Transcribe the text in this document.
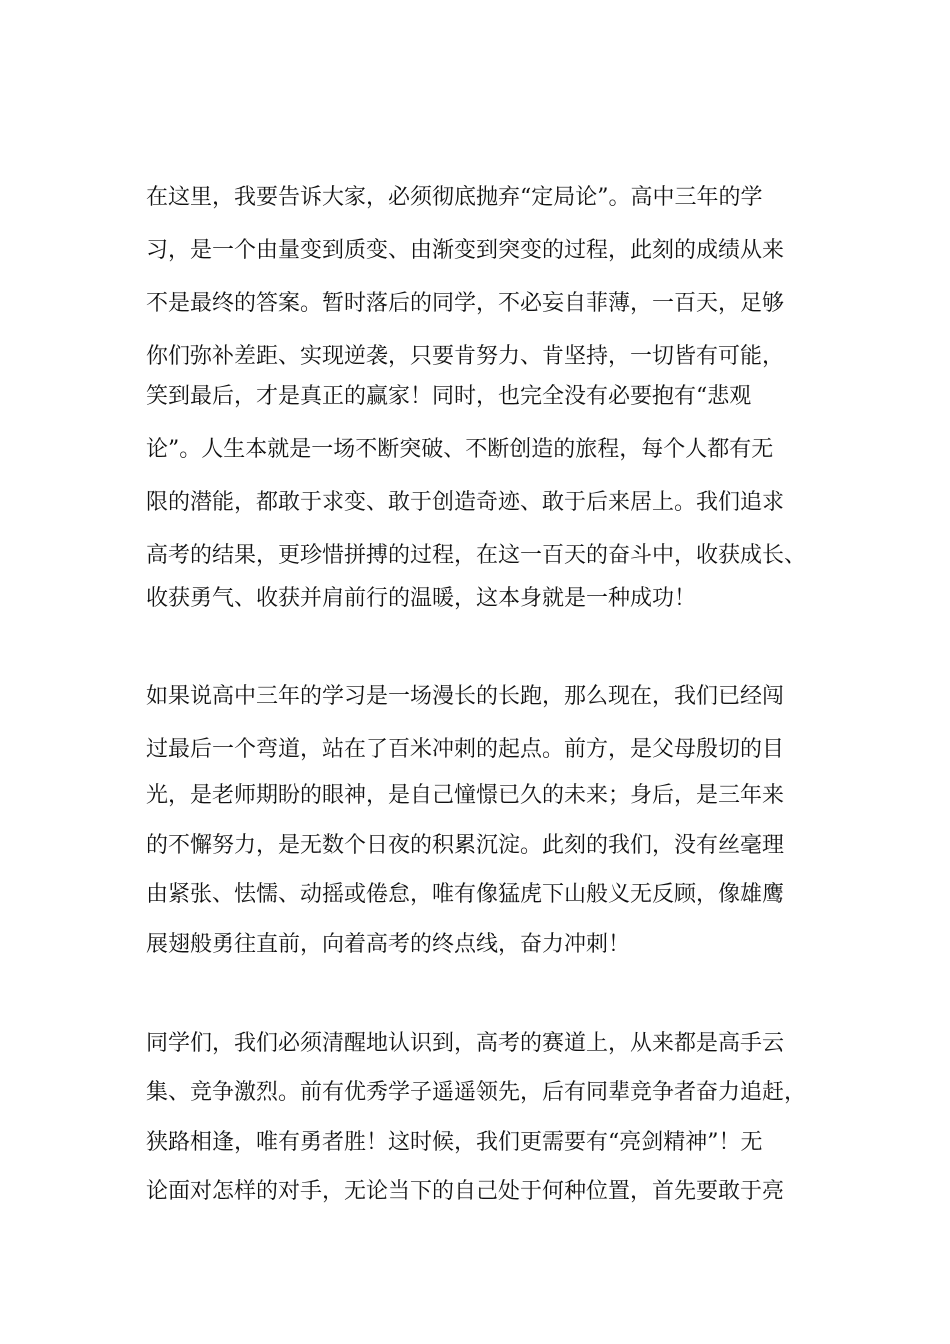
在这里，我要告诉大家，必须彻底抛弃“定局论”。高中三年的学
习，是一个由量变到质变、由渐变到突变的过程，此刻的成绩从来
不是最终的答案。暂时落后的同学，不必妄自菲薄，一百天，足够
你们弥补差距、实现逆袭，只要肯努力、肯坚持，一切皆有可能，
笑到最后，才是真正的赢家！同时，也完全没有必要抱有“悲观
论”。人生本就是一场不断突破、不断创造的旅程，每个人都有无
限的潜能，都敢于求变、敢于创造奇迹、敢于后来居上。我们追求
高考的结果，更珍惜拼搏的过程，在这一百天的奋斗中，收获成长、
收获勇气、收获并肩前行的温暖，这本身就是一种成功！
如果说高中三年的学习是一场漫长的长跑，那么现在，我们已经闯
过最后一个弯道，站在了百米冲刺的起点。前方，是父母殷切的目
光，是老师期盼的眼神，是自己憧憬已久的未来；身后，是三年来
的不懈努力，是无数个日夜的积累沉淀。此刻的我们，没有丝毫理
由紧张、怯懦、动摇或倦怠，唯有像猛虎下山般义无反顾，像雄鹰
展翅般勇往直前，向着高考的终点线，奋力冲刺！
同学们，我们必须清醒地认识到，高考的赛道上，从来都是高手云
集、竞争激烈。前有优秀学子遥遥领先，后有同辈竞争者奋力追赶，
狭路相逢，唯有勇者胜！这时候，我们更需要有“亮剑精神”！无
论面对怎样的对手，无论当下的自己处于何种位置，首先要敢于亮
